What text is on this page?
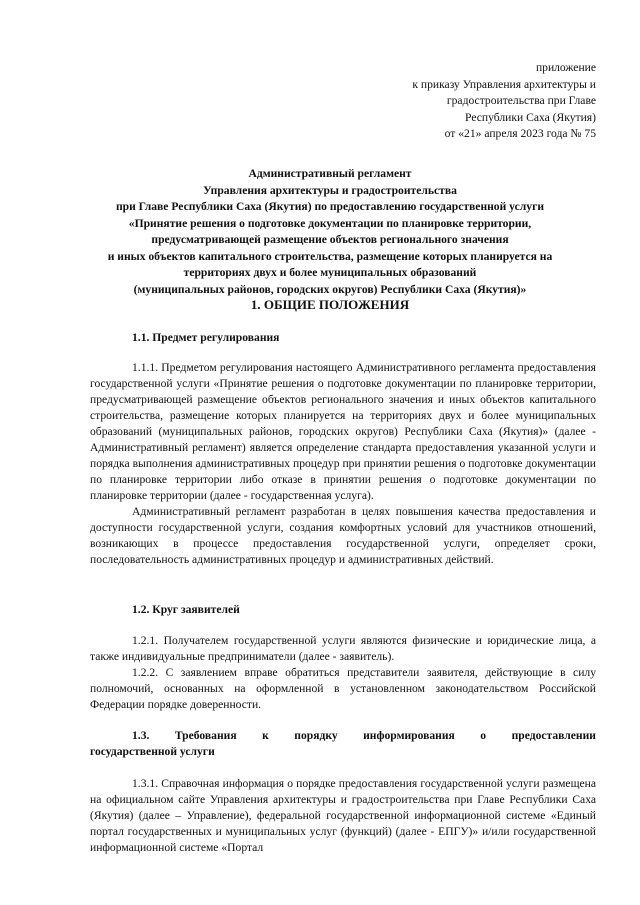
приложение
к приказу Управления архитектуры и
градостроительства при Главе
Республики Саха (Якутия)
от «21» апреля 2023 года № 75
Административный регламент
Управления архитектуры и градостроительства
при Главе Республики Саха (Якутия) по предоставлению государственной услуги
«Принятие решения о подготовке документации по планировке территории,
предусматривающей размещение объектов регионального значения
и иных объектов капитального строительства, размещение которых планируется на
территориях двух и более муниципальных образований
(муниципальных районов, городских округов) Республики Саха (Якутия)»
1. ОБЩИЕ ПОЛОЖЕНИЯ
1.1. Предмет регулирования

1.1.1. Предметом регулирования настоящего Административного регламента предоставления государственной услуги «Принятие решения о подготовке документации по планировке территории, предусматривающей размещение объектов регионального значения и иных объектов капитального строительства, размещение которых планируется на территориях двух и более муниципальных образований (муниципальных районов, городских округов) Республики Саха (Якутия)» (далее - Административный регламент) является определение стандарта предоставления указанной услуги и порядка выполнения административных процедур при принятии решения о подготовке документации по планировке территории либо отказе в принятии решения о подготовке документации по планировке территории (далее - государственная услуга).

Административный регламент разработан в целях повышения качества предоставления и доступности государственной услуги, создания комфортных условий для участников отношений, возникающих в процессе предоставления государственной услуги, определяет сроки, последовательность административных процедур и административных действий.

1.2. Круг заявителей

1.2.1. Получателем государственной услуги являются физические и юридические лица, а также индивидуальные предприниматели (далее - заявитель).

1.2.2. С заявлением вправе обратиться представители заявителя, действующие в силу полномочий, основанных на оформленной в установленном законодательством Российской Федерации порядке доверенности.

1.3. Требования к порядку информирования о предоставлении
государственной услуги

1.3.1. Справочная информация о порядке предоставления государственной услуги размещена на официальном сайте Управления архитектуры и градостроительства при Главе Республики Саха (Якутия) (далее – Управление), федеральной государственной информационной системе «Единый портал государственных и муниципальных услуг (функций) (далее - ЕПГУ)» и/или государственной информационной системе «Портал
